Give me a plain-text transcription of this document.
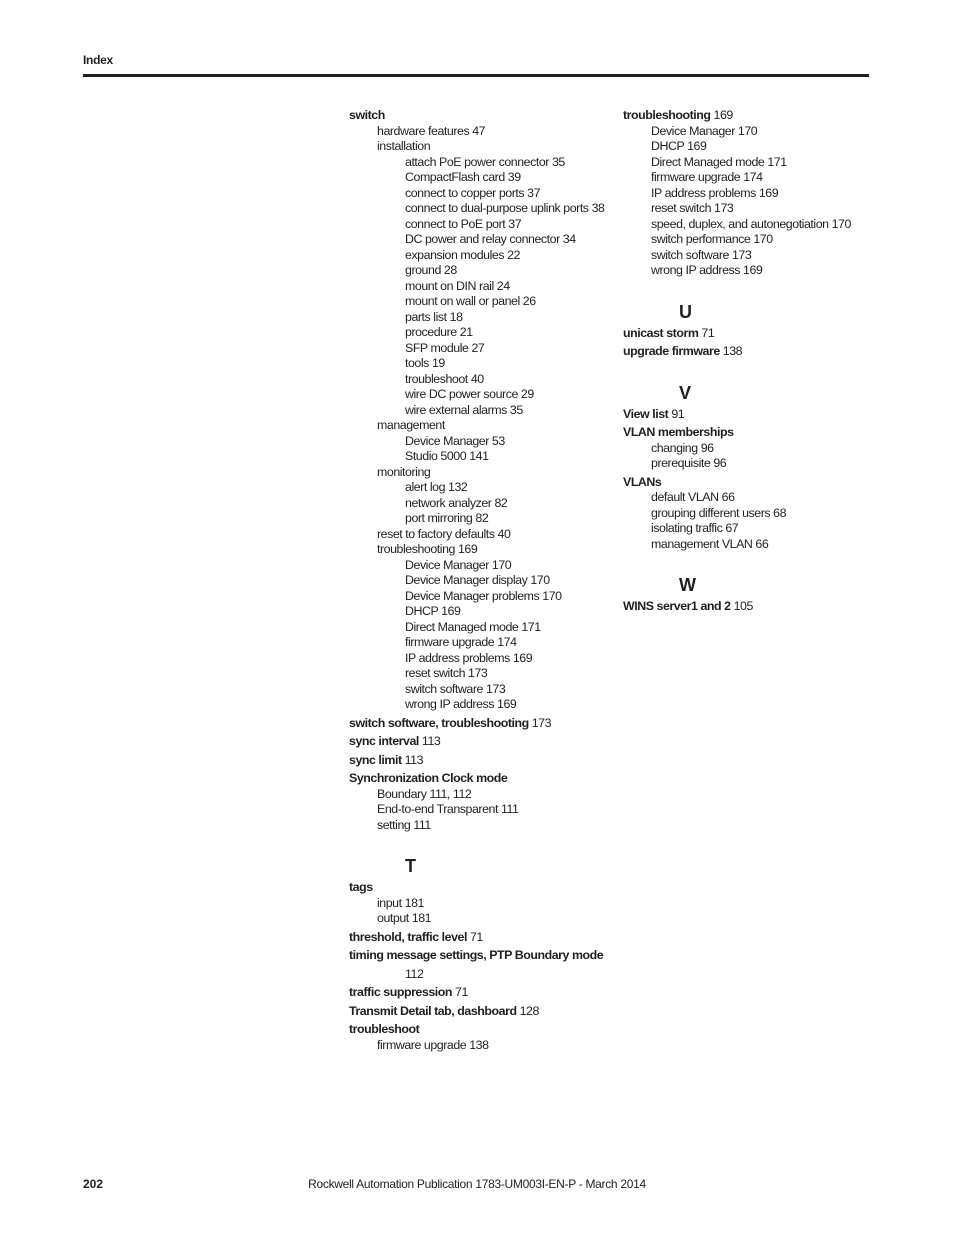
Index
switch
hardware features 47
installation
attach PoE power connector 35
CompactFlash card 39
connect to copper ports 37
connect to dual-purpose uplink ports 38
connect to PoE port 37
DC power and relay connector 34
expansion modules 22
ground 28
mount on DIN rail 24
mount on wall or panel 26
parts list 18
procedure 21
SFP module 27
tools 19
troubleshoot 40
wire DC power source 29
wire external alarms 35
management
Device Manager 53
Studio 5000 141
monitoring
alert log 132
network analyzer 82
port mirroring 82
reset to factory defaults 40
troubleshooting 169
Device Manager 170
Device Manager display 170
Device Manager problems 170
DHCP 169
Direct Managed mode 171
firmware upgrade 174
IP address problems 169
reset switch 173
switch software 173
wrong IP address 169
switch software, troubleshooting 173
sync interval 113
sync limit 113
Synchronization Clock mode
Boundary 111, 112
End-to-end Transparent 111
setting 111
T
tags
input 181
output 181
threshold, traffic level 71
timing message settings, PTP Boundary mode
112
traffic suppression 71
Transmit Detail tab, dashboard 128
troubleshoot
firmware upgrade 138
troubleshooting 169
Device Manager 170
DHCP 169
Direct Managed mode 171
firmware upgrade 174
IP address problems 169
reset switch 173
speed, duplex, and autonegotiation 170
switch performance 170
switch software 173
wrong IP address 169
U
unicast storm 71
upgrade firmware 138
V
View list 91
VLAN memberships
changing 96
prerequisite 96
VLANs
default VLAN 66
grouping different users 68
isolating traffic 67
management VLAN 66
W
WINS server1 and 2 105
202	Rockwell Automation Publication 1783-UM003I-EN-P - March 2014
